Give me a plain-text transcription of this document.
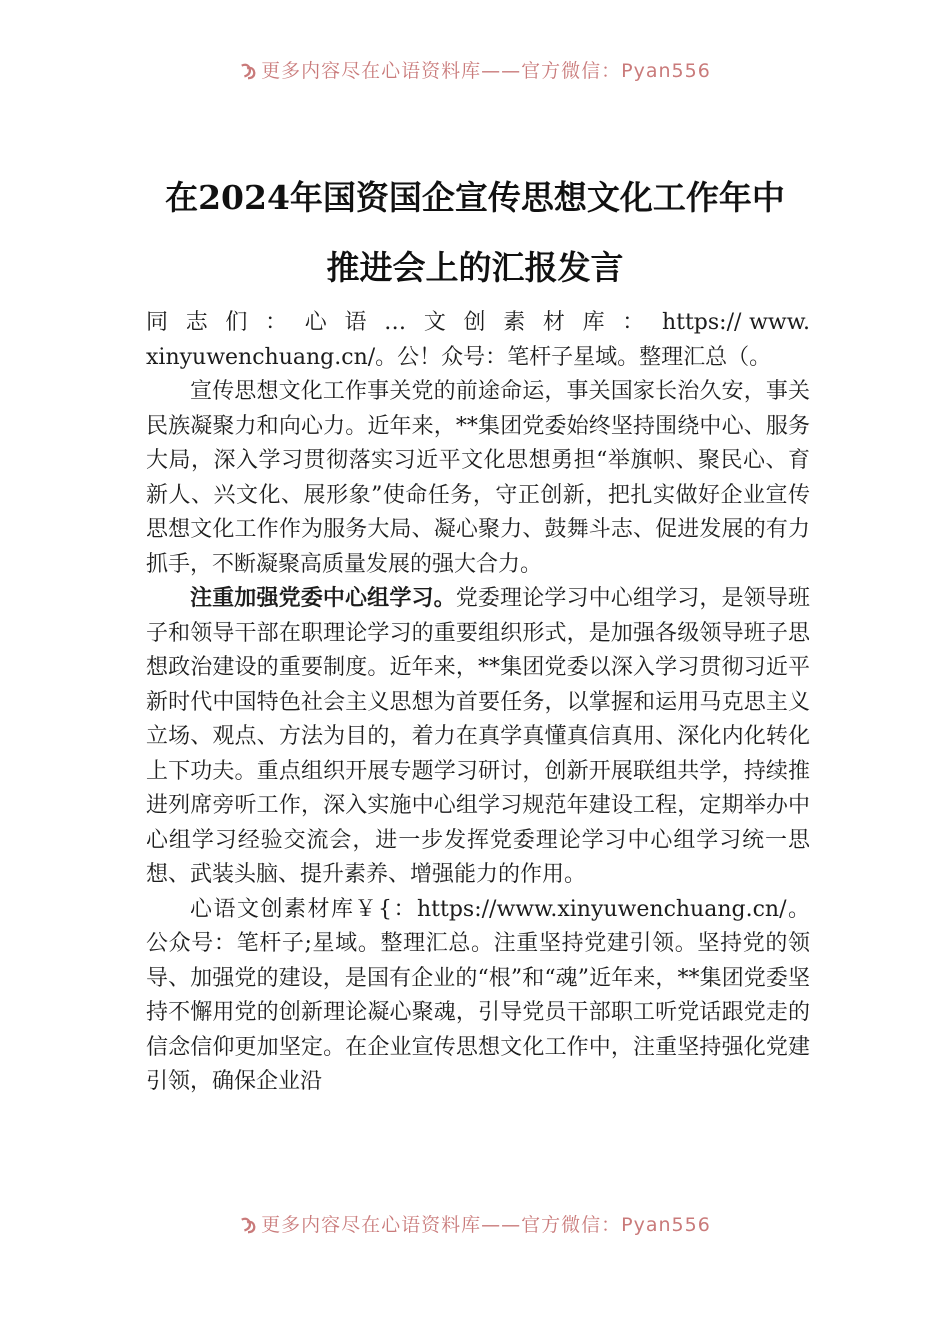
更多内容尽在心语资料库——官方微信：Pyan556
在2024年国资国企宣传思想文化工作年中
推进会上的汇报发言

同志们：心语…文创素材库：https:// www.xinyuwenchuang.cn/。公！众号：笔杆子星域。整理汇总（。

宣传思想文化工作事关党的前途命运，事关国家长治久安，事关民族凝聚力和向心力。近年来，**集团党委始终坚持围绕中心、服务大局，深入学习贯彻落实习近平文化思想勇担“举旗帜、聚民心、育新人、兴文化、展形象”使命任务，守正创新，把扎实做好企业宣传思想文化工作作为服务大局、凝心聚力、鼓舞斗志、促进发展的有力抓手，不断凝聚高质量发展的强大合力。

注重加强党委中心组学习。党委理论学习中心组学习，是领导班子和领导干部在职理论学习的重要组织形式，是加强各级领导班子思想政治建设的重要制度。近年来，**集团党委以深入学习贯彻习近平新时代中国特色社会主义思想为首要任务，以掌握和运用马克思主义立场、观点、方法为目的，着力在真学真懂真信真用、深化内化转化上下功夫。重点组织开展专题学习研讨，创新开展联组共学，持续推进列席旁听工作，深入实施中心组学习规范年建设工程，定期举办中心组学习经验交流会，进一步发挥党委理论学习中心组学习统一思想、武装头脑、提升素养、增强能力的作用。

心语文创素材库￥{：https://www.xinyuwenchuang.cn/。公众号：笔杆子;星域。整理汇总。注重坚持党建引领。坚持党的领导、加强党的建设，是国有企业的“根”和“魂”近年来，**集团党委坚持不懈用党的创新理论凝心聚魂，引导党员干部职工听党话跟党走的信念信仰更加坚定。在企业宣传思想文化工作中，注重坚持强化党建引领，确保企业沿

更多内容尽在心语资料库——官方微信：Pyan556
